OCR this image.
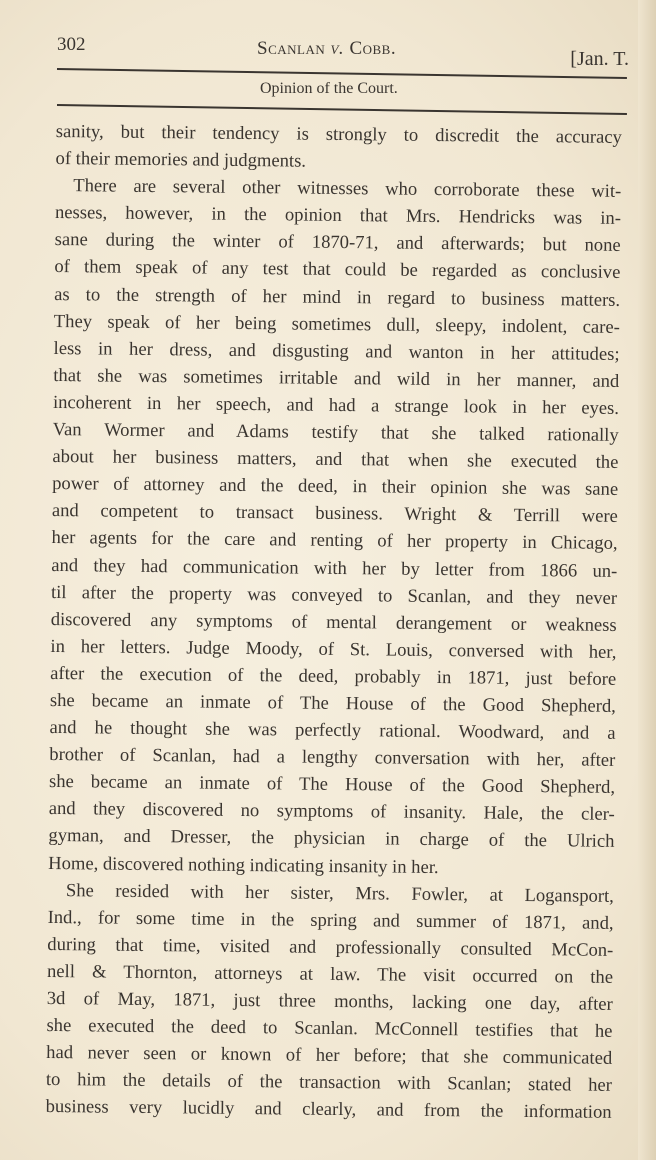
302	Scanlan v. Cobb.	[Jan. T.
Opinion of the Court.
sanity, but their tendency is strongly to discredit the accuracy
of their memories and judgments.
There are several other witnesses who corroborate these wit-
nesses, however, in the opinion that Mrs. Hendricks was in-
sane during the winter of 1870-71, and afterwards; but none
of them speak of any test that could be regarded as conclusive
as to the strength of her mind in regard to business matters.
They speak of her being sometimes dull, sleepy, indolent, care-
less in her dress, and disgusting and wanton in her attitudes;
that she was sometimes irritable and wild in her manner, and
incoherent in her speech, and had a strange look in her eyes.
Van Wormer and Adams testify that she talked rationally
about her business matters, and that when she executed the
power of attorney and the deed, in their opinion she was sane
and competent to transact business. Wright & Terrill were
her agents for the care and renting of her property in Chicago,
and they had communication with her by letter from 1866 un-
til after the property was conveyed to Scanlan, and they never
discovered any symptoms of mental derangement or weakness
in her letters. Judge Moody, of St. Louis, conversed with her,
after the execution of the deed, probably in 1871, just before
she became an inmate of The House of the Good Shepherd,
and he thought she was perfectly rational. Woodward, and a
brother of Scanlan, had a lengthy conversation with her, after
she became an inmate of The House of the Good Shepherd,
and they discovered no symptoms of insanity. Hale, the cler-
gyman, and Dresser, the physician in charge of the Ulrich
Home, discovered nothing indicating insanity in her.
She resided with her sister, Mrs. Fowler, at Logansport,
Ind., for some time in the spring and summer of 1871, and,
during that time, visited and professionally consulted McCon-
nell & Thornton, attorneys at law. The visit occurred on the
3d of May, 1871, just three months, lacking one day, after
she executed the deed to Scanlan. McConnell testifies that he
had never seen or known of her before; that she communicated
to him the details of the transaction with Scanlan; stated her
business very lucidly and clearly, and from the information
